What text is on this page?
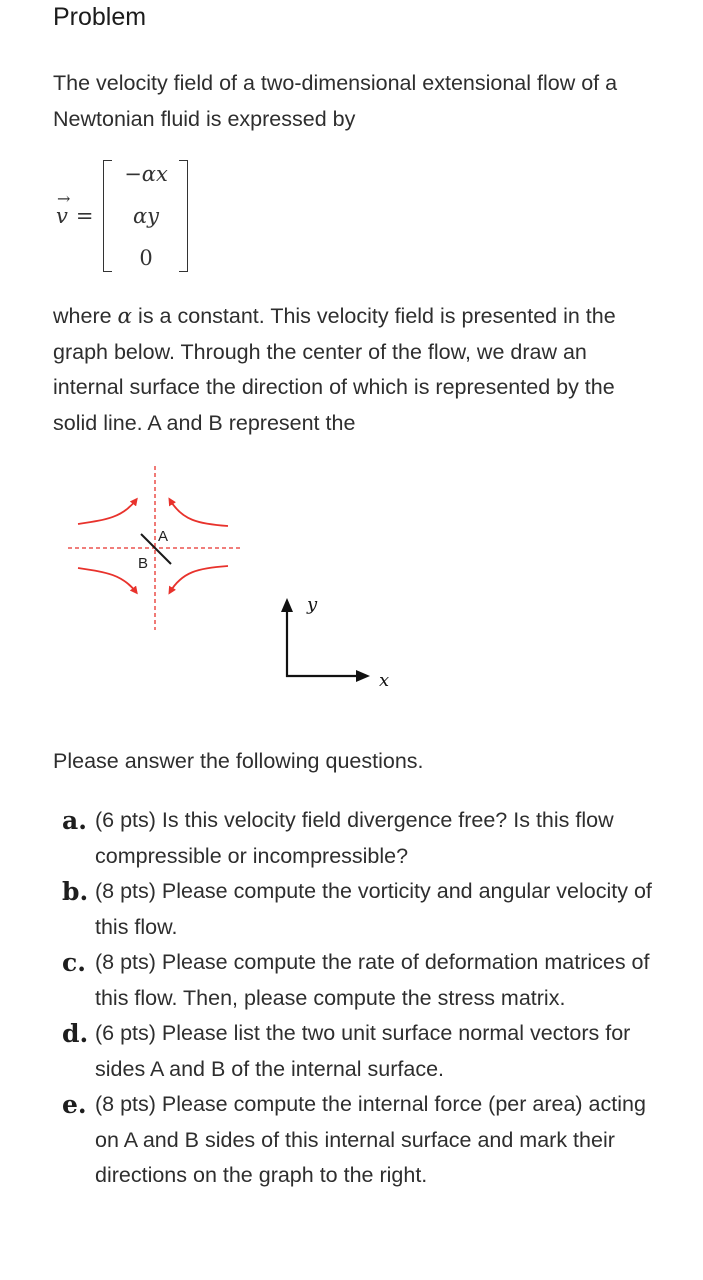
Problem
The velocity field of a two-dimensional extensional flow of a Newtonian fluid is expressed by
→
v =
−αx
αy
0
where α is a constant. This velocity field is presented in the graph below. Through the center of the flow, we draw an internal surface the direction of which is represented by the solid line. A and B represent the
A
B
y
x
Please answer the following questions.
a. (6 pts) Is this velocity field divergence free? Is this flow compressible or incompressible?
b. (8 pts) Please compute the vorticity and angular velocity of this flow.
c. (8 pts) Please compute the rate of deformation matrices of this flow. Then, please compute the stress matrix.
d. (6 pts) Please list the two unit surface normal vectors for sides A and B of the internal surface.
e. (8 pts) Please compute the internal force (per area) acting on A and B sides of this internal surface and mark their directions on the graph to the right.
